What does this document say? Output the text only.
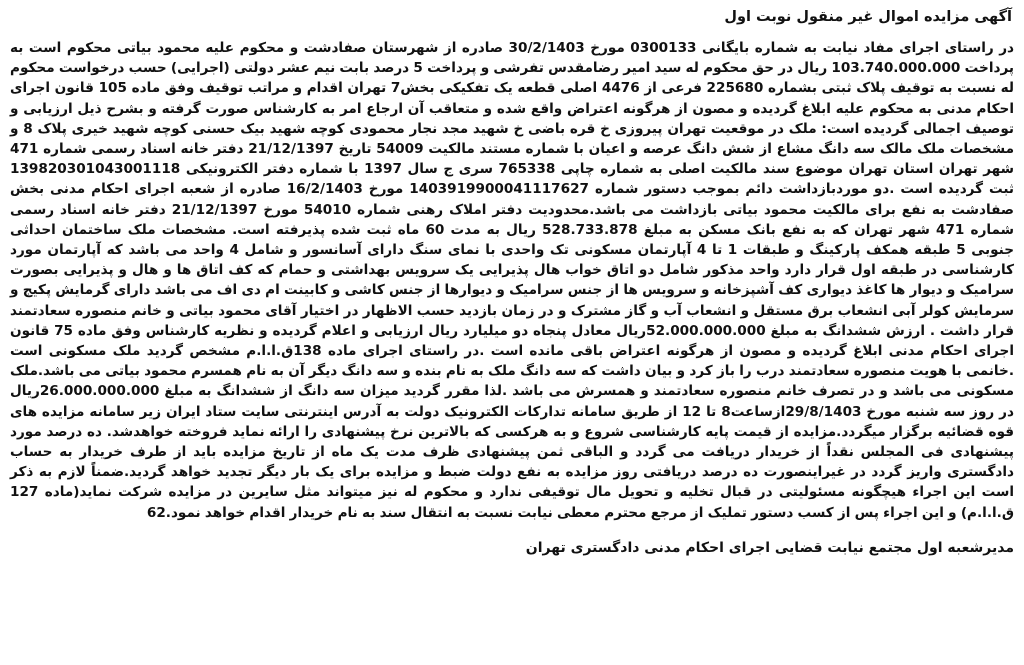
آگهی مزایده اموال غیر منقول نوبت اول

در راستای اجرای مفاد نیابت به شماره بایگانی 0300133 مورخ 30/2/1403 صادره از شهرستان صفادشت و محکوم علیه محمود بیاتی محکوم است به پرداخت 103.740.000.000 ریال در حق محکوم له سید امیر رضامقدس تفرشی و پرداخت 5 درصد بابت نیم عشر دولتی (اجرایی) حسب درخواست محکوم له نسبت به توقیف پلاک ثبتی بشماره 225680 فرعی از 4476 اصلی قطعه یک تفکیکی بخش7 تهران اقدام و مراتب توقیف وفق ماده 105 قانون اجرای احکام مدنی به محکوم علیه ابلاغ گردیده و مصون از هرگونه اعتراض واقع شده و متعاقب آن ارجاع امر به کارشناس صورت گرفته و بشرح ذیل ارزیابی و توصیف اجمالی گردیده است: ملک در موقعیت تهران پیروزی خ قره باضی خ شهید مجد نجار محمودی کوچه شهید بیک حسنی کوچه شهید خیری پلاک 8 و مشخصات ملک مالک سه دانگ مشاع از شش دانگ عرصه و اعیان با شماره مستند مالکیت 54009 تاریخ 21/12/1397 دفتر خانه اسناد رسمی شماره 471 شهر تهران استان تهران موضوع سند مالکیت اصلی به شماره چاپی 765338 سری ج سال 1397 با شماره دفتر الکترونیکی 139820301043001118 ثبت گردیده است .دو موردبازداشت دائم بموجب دستور شماره 1403919900041117627 مورخ 16/2/1403 صادره از شعبه اجرای احکام مدنی بخش صفادشت به نفع برای مالکیت محمود بیاتی بازداشت می باشد.محدودیت دفتر املاک رهنی شماره 54010 مورخ 21/12/1397 دفتر خانه اسناد رسمی شماره 471 شهر تهران که به نفع بانک مسکن به مبلغ 528.733.878 ریال به مدت 60 ماه ثبت شده پذیرفته است. مشخصات ملک ساختمان احداثی جنوبی 5 طبقه همکف پارکینگ و طبقات 1 تا 4 آپارتمان مسکونی تک واحدی با نمای سنگ دارای آسانسور و شامل 4 واحد می باشد که آپارتمان مورد کارشناسی در طبقه اول قرار دارد واحد مذکور شامل دو اتاق خواب هال پذیرایی یک سرویس بهداشتی و حمام که کف اتاق ها و هال و پذیرایی بصورت سرامیک و دیوار ها کاغذ دیواری کف آشپزخانه و سرویس ها از جنس سرامیک و دیوارها از جنس کاشی و کابینت ام دی اف می باشد دارای گرمایش پکیج و سرمایش کولر آبی انشعاب برق مستقل و انشعاب آب و گاز مشترک و در زمان بازدید حسب الاظهار در اختیار آقای محمود بیاتی و خانم منصوره سعادتمند قرار داشت . ارزش ششدانگ به مبلغ 52.000.000.000ریال معادل پنجاه دو میلیارد ریال ارزیابی و اعلام گردیده و نظریه کارشناس وفق ماده 75 قانون اجرای احکام مدنی ابلاغ گردیده و مصون از هرگونه اعتراض باقی مانده است .در راستای اجرای ماده 138ق.ا.ا.م مشخص گردید ملک مسکونی است .خانمی با هویت منصوره سعادتمند درب را باز کرد و بیان داشت که سه دانگ ملک به نام بنده و سه دانگ دیگر آن به نام همسرم محمود بیاتی می باشد.ملک مسکونی می باشد و در تصرف خانم منصوره سعادتمند و همسرش می باشد .لذا مقرر گردید میزان سه دانگ از ششدانگ به مبلغ 26.000.000.000ریال در روز سه شنبه مورخ 29/8/1403ازساعت8 تا 12 از طریق سامانه تدارکات الکترونیک دولت به آدرس اینترنتی سایت ستاد ایران زیر سامانه مزایده های قوه قضائیه برگزار میگردد.مزایده از قیمت پایه کارشناسی شروع و به هرکسی که بالاترین نرخ پیشنهادی را ارائه نماید فروخته خواهدشد. ده درصد مورد پیشنهادی فی المجلس نقداً از خریدار دریافت می گردد و الباقی ثمن پیشنهادی ظرف مدت یک ماه از تاریخ مزایده باید از طرف خریدار به حساب دادگستری واریز گردد در غیراینصورت ده درصد دریافتی روز مزایده به نفع دولت ضبط و مزایده برای یک بار دیگر تجدید خواهد گردید.ضمناً لازم به ذکر است این اجراء هیچگونه مسئولیتی در قبال تخلیه و تحویل مال توقیفی ندارد و محکوم له نیز میتواند مثل سایرین در مزایده شرکت نماید(ماده 127 ق.ا.ا.م) و این اجراء پس از کسب دستور تملیک از مرجع محترم معطی نیابت نسبت به انتقال سند به نام خریدار اقدام خواهد نمود.62

مدیرشعبه اول مجتمع نیابت قضایی اجرای احکام مدنی دادگستری تهران
